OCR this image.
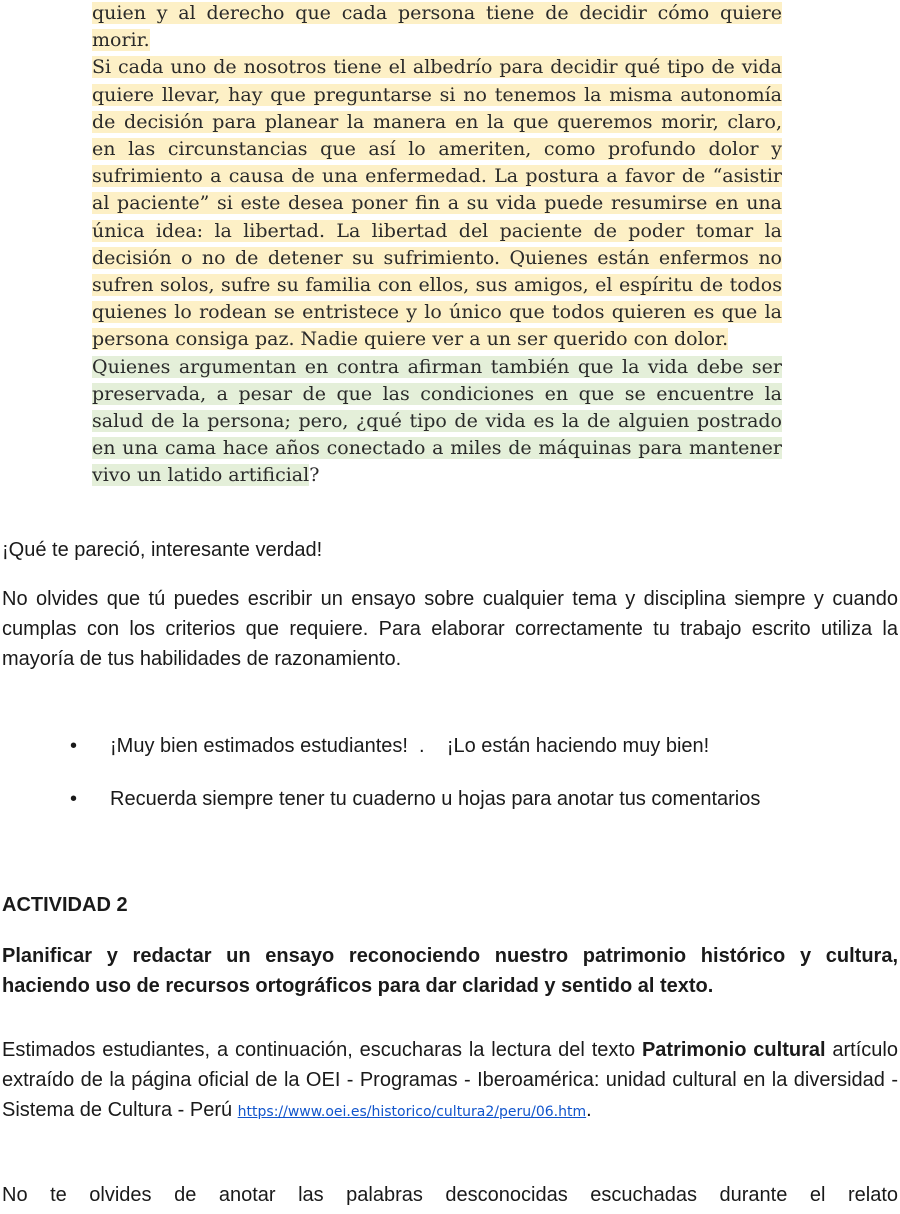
quien y al derecho que cada persona tiene de decidir cómo quiere morir.

Si cada uno de nosotros tiene el albedrío para decidir qué tipo de vida quiere llevar, hay que preguntarse si no tenemos la misma autonomía de decisión para planear la manera en la que queremos morir, claro, en las circunstancias que así lo ameriten, como profundo dolor y sufrimiento a causa de una enfermedad. La postura a favor de “asistir al paciente” si este desea poner fin a su vida puede resumirse en una única idea: la libertad. La libertad del paciente de poder tomar la decisión o no de detener su sufrimiento. Quienes están enfermos no sufren solos, sufre su familia con ellos, sus amigos, el espíritu de todos quienes lo rodean se entristece y lo único que todos quieren es que la persona consiga paz. Nadie quiere ver a un ser querido con dolor.

Quienes argumentan en contra afirman también que la vida debe ser preservada, a pesar de que las condiciones en que se encuentre la salud de la persona; pero, ¿qué tipo de vida es la de alguien postrado en una cama hace años conectado a miles de máquinas para mantener vivo un latido artificial?

¡Qué te pareció, interesante verdad!

No olvides que tú puedes escribir un ensayo sobre cualquier tema y disciplina siempre y cuando cumplas con los criterios que requiere. Para elaborar correctamente tu trabajo escrito utiliza la mayoría de tus habilidades de razonamiento.

•	¡Muy bien estimados estudiantes!  .    ¡Lo están haciendo muy bien!
•	Recuerda siempre tener tu cuaderno u hojas para anotar tus comentarios

ACTIVIDAD 2

Planificar y redactar un ensayo reconociendo nuestro patrimonio histórico y cultura, haciendo uso de recursos ortográficos para dar claridad y sentido al texto.

Estimados estudiantes, a continuación, escucharas la lectura del texto Patrimonio cultural artículo extraído de la página oficial de la OEI - Programas - Iberoamérica: unidad cultural en la diversidad - Sistema de Cultura - Perú https://www.oei.es/historico/cultura2/peru/06.htm.

No te olvides de anotar las palabras desconocidas escuchadas durante el relato
